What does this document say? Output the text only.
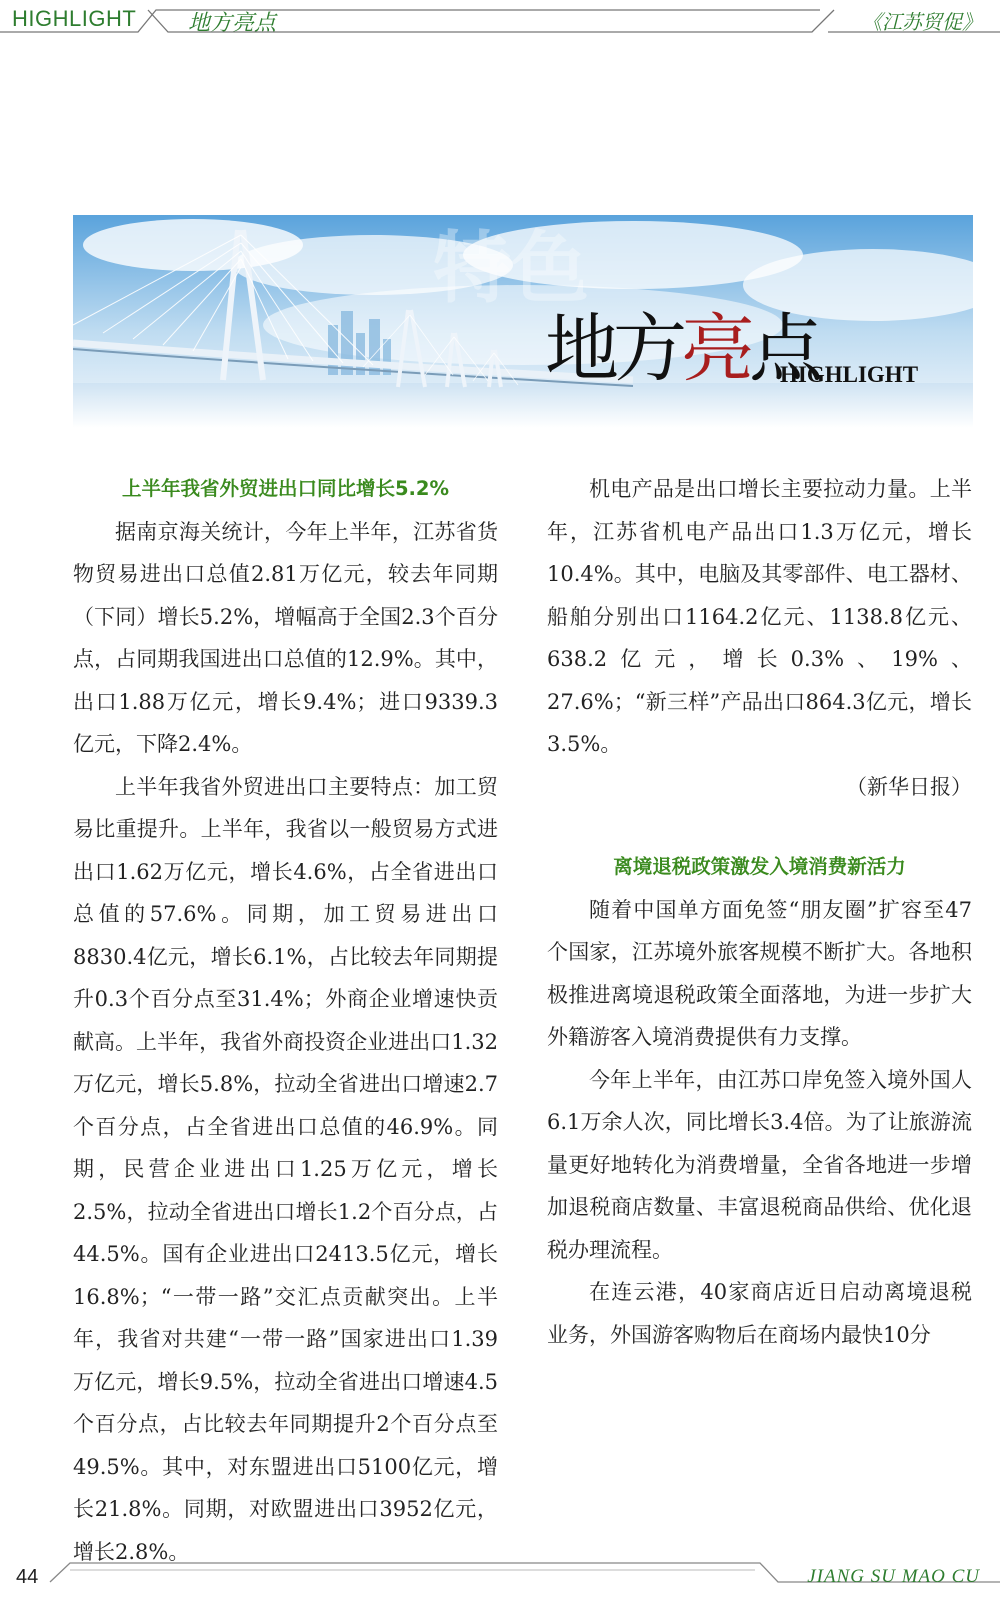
HIGHLIGHT 地方亮点	《江苏贸促》
特色
地方亮点
HIGHLIGHT
上半年我省外贸进出口同比增长5.2%

据南京海关统计，今年上半年，江苏省货物贸易进出口总值2.81万亿元，较去年同期（下同）增长5.2%，增幅高于全国2.3个百分点，占同期我国进出口总值的12.9%。其中，出口1.88万亿元，增长9.4%；进口9339.3亿元，下降2.4%。

上半年我省外贸进出口主要特点：加工贸易比重提升。上半年，我省以一般贸易方式进出口1.62万亿元，增长4.6%，占全省进出口总值的57.6%。同期，加工贸易进出口8830.4亿元，增长6.1%，占比较去年同期提升0.3个百分点至31.4%；外商企业增速快贡献高。上半年，我省外商投资企业进出口1.32万亿元，增长5.8%，拉动全省进出口增速2.7个百分点，占全省进出口总值的46.9%。同期，民营企业进出口1.25万亿元，增长2.5%，拉动全省进出口增长1.2个百分点，占44.5%。国有企业进出口2413.5亿元，增长16.8%；“一带一路”交汇点贡献突出。上半年，我省对共建“一带一路”国家进出口1.39万亿元，增长9.5%，拉动全省进出口增速4.5个百分点，占比较去年同期提升2个百分点至49.5%。其中，对东盟进出口5100亿元，增长21.8%。同期，对欧盟进出口3952亿元，增长2.8%。

机电产品是出口增长主要拉动力量。上半年，江苏省机电产品出口1.3万亿元，增长10.4%。其中，电脑及其零部件、电工器材、船舶分别出口1164.2亿元、1138.8亿元、638.2亿元，增长0.3%、19%、27.6%；“新三样”产品出口864.3亿元，增长3.5%。

（新华日报）

离境退税政策激发入境消费新活力

随着中国单方面免签“朋友圈”扩容至47个国家，江苏境外旅客规模不断扩大。各地积极推进离境退税政策全面落地，为进一步扩大外籍游客入境消费提供有力支撑。

今年上半年，由江苏口岸免签入境外国人6.1万余人次，同比增长3.4倍。为了让旅游流量更好地转化为消费增量，全省各地进一步增加退税商店数量、丰富退税商品供给、优化退税办理流程。

在连云港，40家商店近日启动离境退税业务，外国游客购物后在商场内最快10分

44	JIANG SU MAO CU
